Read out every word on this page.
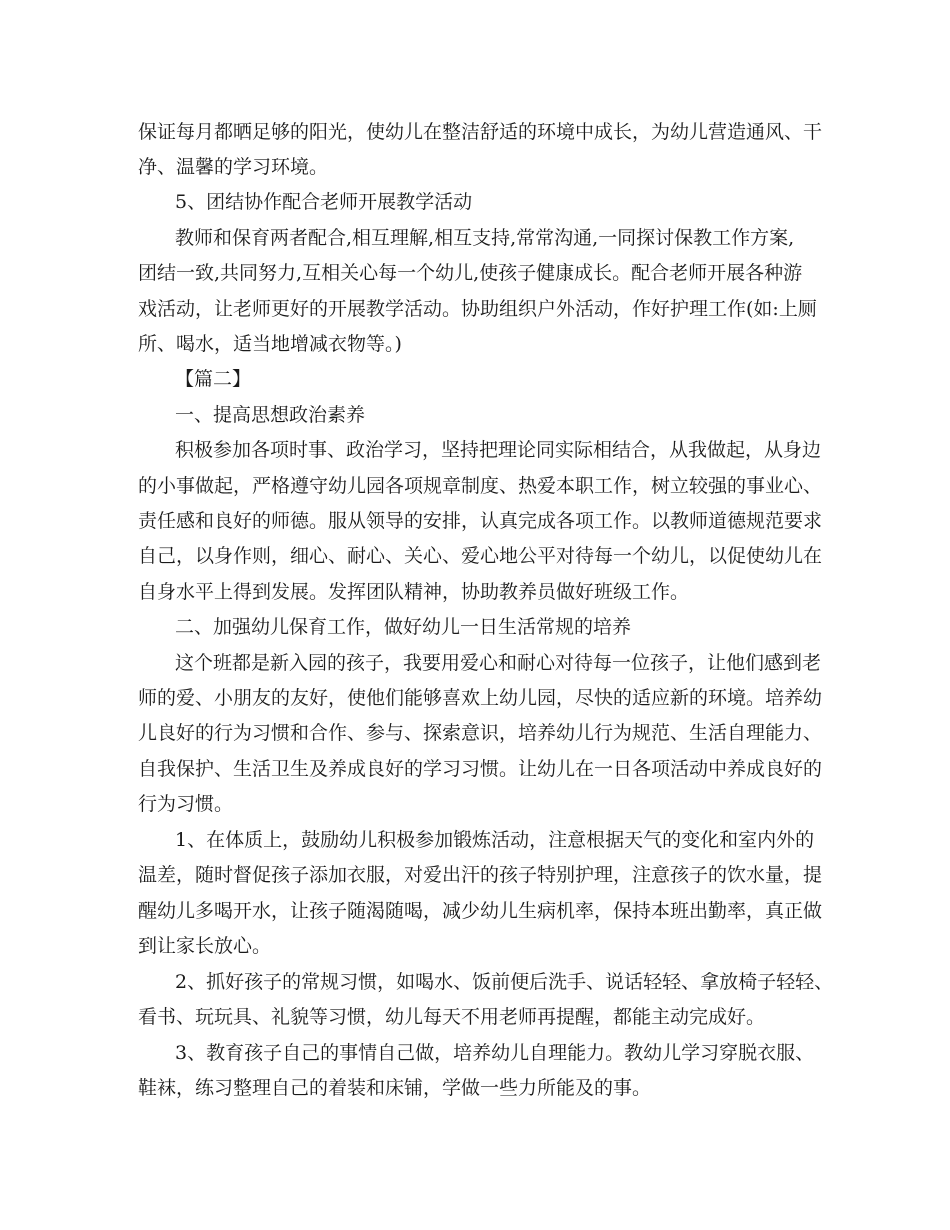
保证每月都晒足够的阳光，使幼儿在整洁舒适的环境中成长，为幼儿营造通风、干
净、温馨的学习环境。
5、团结协作配合老师开展教学活动
教师和保育两者配合,相互理解,相互支持,常常沟通,一同探讨保教工作方案,
团结一致,共同努力,互相关心每一个幼儿,使孩子健康成长。配合老师开展各种游
戏活动，让老师更好的开展教学活动。协助组织户外活动，作好护理工作(如:上厕
所、喝水，适当地增减衣物等。)
【篇二】
一、提高思想政治素养
积极参加各项时事、政治学习，坚持把理论同实际相结合，从我做起，从身边
的小事做起，严格遵守幼儿园各项规章制度、热爱本职工作，树立较强的事业心、
责任感和良好的师德。服从领导的安排，认真完成各项工作。以教师道德规范要求
自己，以身作则，细心、耐心、关心、爱心地公平对待每一个幼儿，以促使幼儿在
自身水平上得到发展。发挥团队精神，协助教养员做好班级工作。
二、加强幼儿保育工作，做好幼儿一日生活常规的培养
这个班都是新入园的孩子，我要用爱心和耐心对待每一位孩子，让他们感到老
师的爱、小朋友的友好，使他们能够喜欢上幼儿园，尽快的适应新的环境。培养幼
儿良好的行为习惯和合作、参与、探索意识，培养幼儿行为规范、生活自理能力、
自我保护、生活卫生及养成良好的学习习惯。让幼儿在一日各项活动中养成良好的
行为习惯。
1、在体质上，鼓励幼儿积极参加锻炼活动，注意根据天气的变化和室内外的
温差，随时督促孩子添加衣服，对爱出汗的孩子特别护理，注意孩子的饮水量，提
醒幼儿多喝开水，让孩子随渴随喝，减少幼儿生病机率，保持本班出勤率，真正做
到让家长放心。
2、抓好孩子的常规习惯，如喝水、饭前便后洗手、说话轻轻、拿放椅子轻轻、
看书、玩玩具、礼貌等习惯，幼儿每天不用老师再提醒，都能主动完成好。
3、教育孩子自己的事情自己做，培养幼儿自理能力。教幼儿学习穿脱衣服、
鞋袜，练习整理自己的着装和床铺，学做一些力所能及的事。
